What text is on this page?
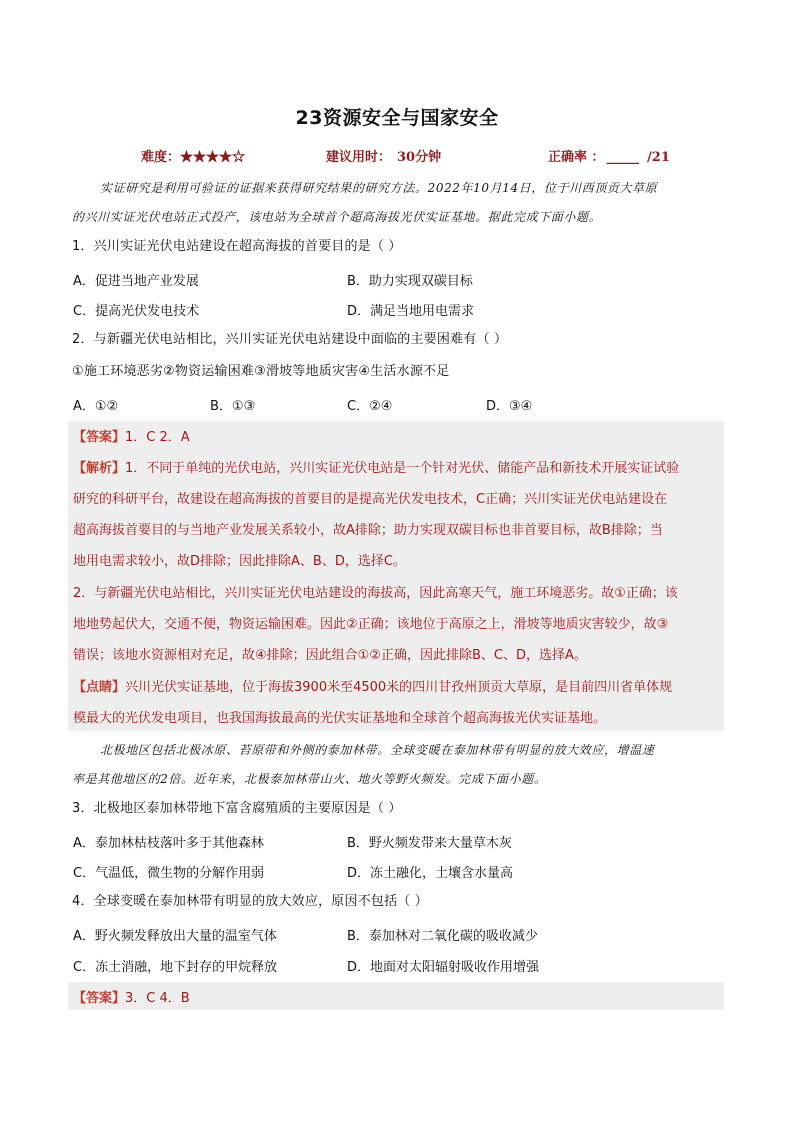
23资源安全与国家安全
难度：★★★★☆	建议用时： 30分钟	正确率 ： _____ /21
实证研究是利用可验证的证据来获得研究结果的研究方法。2022年10月14日，位于川西顶贡大草原
的兴川实证光伏电站正式投产，该电站为全球首个超高海拔光伏实证基地。据此完成下面小题。
1．兴川实证光伏电站建设在超高海拔的首要目的是（ ）
A．促进当地产业发展	B．助力实现双碳目标
C．提高光伏发电技术	D．满足当地用电需求
2．与新疆光伏电站相比，兴川实证光伏电站建设中面临的主要困难有（ ）
①施工环境恶劣②物资运输困难③滑坡等地质灾害④生活水源不足
A．①②	B．①③	C．②④	D．③④
【答案】1．C 2．A
【解析】1．不同于单纯的光伏电站，兴川实证光伏电站是一个针对光伏、储能产品和新技术开展实证试验
研究的科研平台，故建设在超高海拔的首要目的是提高光伏发电技术，C正确；兴川实证光伏电站建设在
超高海拔首要目的与当地产业发展关系较小，故A排除；助力实现双碳目标也非首要目标，故B排除；当
地用电需求较小，故D排除；因此排除A、B、D，选择C。
2．与新疆光伏电站相比，兴川实证光伏电站建设的海拔高，因此高寒天气，施工环境恶劣。故①正确；该
地地势起伏大，交通不便，物资运输困难。因此②正确；该地位于高原之上，滑坡等地质灾害较少，故③
错误；该地水资源相对充足，故④排除；因此组合①②正确，因此排除B、C、D，选择A。
【点睛】兴川光伏实证基地，位于海拔3900米至4500米的四川甘孜州顶贡大草原，是目前四川省单体规
模最大的光伏发电项目，也我国海拔最高的光伏实证基地和全球首个超高海拔光伏实证基地。
北极地区包括北极冰原、苔原带和外侧的泰加林带。全球变暖在泰加林带有明显的放大效应，增温速
率是其他地区的2倍。近年来，北极泰加林带山火、地火等野火频发。完成下面小题。
3．北极地区泰加林带地下富含腐殖质的主要原因是（ ）
A．泰加林枯枝落叶多于其他森林	B．野火频发带来大量草木灰
C．气温低，微生物的分解作用弱	D．冻土融化，土壤含水量高
4．全球变暖在泰加林带有明显的放大效应，原因不包括（ ）
A．野火频发释放出大量的温室气体	B．泰加林对二氧化碳的吸收减少
C．冻土消融，地下封存的甲烷释放	D．地面对太阳辐射吸收作用增强
【答案】3．C 4．B
